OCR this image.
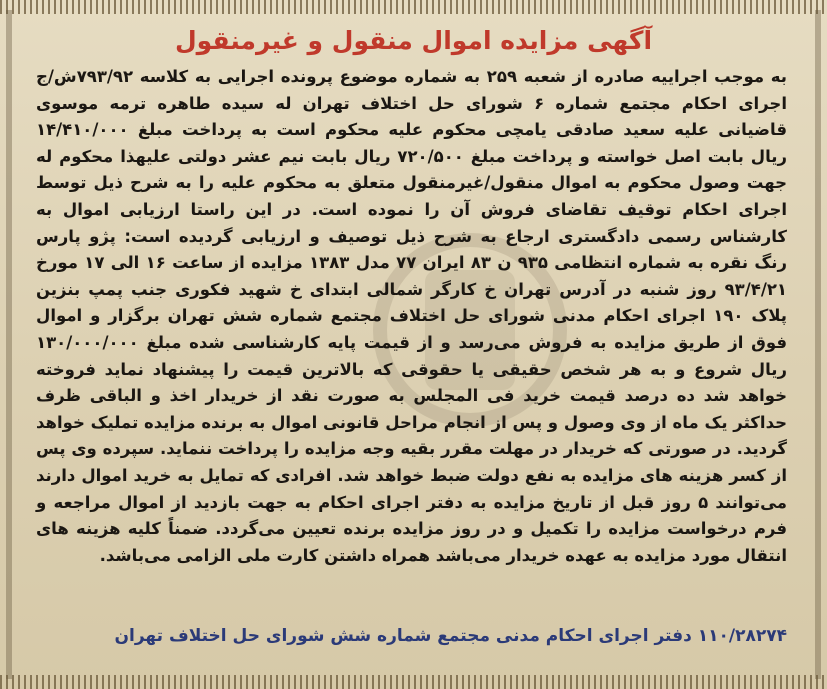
آگهی مزایده اموال منقول و غیرمنقول
به موجب اجراییه صادره از شعبه ۲۵۹ به شماره موضوع پرونده اجرایی به کلاسه ۷۹۳/۹۲ش/ج اجرای احکام مجتمع شماره ۶ شورای حل اختلاف تهران له سیده طاهره ترمه موسوی قاضیانی علیه سعید صادقی یامچی محکوم علیه محکوم است به پرداخت مبلغ ۱۴/۴۱۰/۰۰۰ ریال بابت اصل خواسته و پرداخت مبلغ ۷۲۰/۵۰۰ ریال بابت نیم عشر دولتی علیهذا محکوم له جهت وصول محکوم به اموال منقول/غیرمنقول متعلق به محکوم علیه را به شرح ذیل توسط اجرای احکام توقیف تقاضای فروش آن را نموده است. در این راستا ارزیابی اموال به کارشناس رسمی دادگستری ارجاع به شرح ذیل توصیف و ارزیابی گردیده است: پژو پارس رنگ نقره به شماره انتظامی ۹۳۵ ن ۸۳ ایران ۷۷ مدل ۱۳۸۳ مزایده از ساعت ۱۶ الی ۱۷ مورخ ۹۳/۴/۲۱ روز شنبه در آدرس تهران خ کارگر شمالی ابتدای خ شهید فکوری جنب پمپ بنزین پلاک ۱۹۰ اجرای احکام مدنی شورای حل اختلاف مجتمع شماره شش تهران برگزار و اموال فوق از طریق مزایده به فروش می‌رسد و از قیمت پایه کارشناسی شده مبلغ ۱۳۰/۰۰۰/۰۰۰ ریال شروع و به هر شخص حقیقی یا حقوقی که بالاترین قیمت را پیشنهاد نماید فروخته خواهد شد ده درصد قیمت خرید فی المجلس به صورت نقد از خریدار اخذ و الباقی ظرف حداکثر یک ماه از وی وصول و پس از انجام مراحل قانونی اموال به برنده مزایده تملیک خواهد گردید. در صورتی که خریدار در مهلت مقرر بقیه وجه مزایده را پرداخت ننماید. سپرده وی پس از کسر هزینه های مزایده به نفع دولت ضبط خواهد شد. افرادی که تمایل به خرید اموال دارند می‌توانند ۵ روز قبل از تاریخ مزایده به دفتر اجرای احکام به جهت بازدید از اموال مراجعه و فرم درخواست مزایده را تکمیل و در روز مزایده برنده تعیین می‌گردد. ضمناً کلیه هزینه های انتقال مورد مزایده به عهده خریدار می‌باشد همراه داشتن کارت ملی الزامی می‌باشد.
۱۱۰/۲۸۲۷۴ دفتر اجرای احکام مدنی مجتمع شماره شش شورای حل اختلاف تهران
